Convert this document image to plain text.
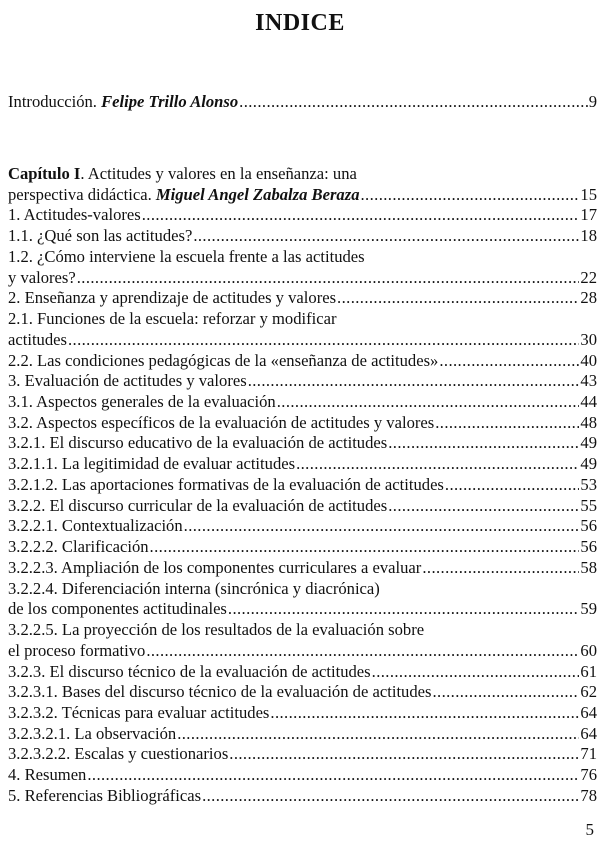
INDICE
Introducción. Felipe Trillo Alonso .....	9
Capítulo I . Actitudes y valores en la enseñanza: una
perspectiva didáctica. Miguel Angel Zabalza Beraza .....	15
1. Actitudes-valores .....	17
1.1. ¿Qué son las actitudes? .....	18
1.2. ¿Cómo interviene la escuela frente a las actitudes
y valores? .....	22
2. Enseñanza y aprendizaje de actitudes y valores .....	28
2.1. Funciones de la escuela: reforzar y modificar
actitudes .....	30
2.2. Las condiciones pedagógicas de la «enseñanza de actitudes» .....	40
3. Evaluación de actitudes y valores .....	43
3.1. Aspectos generales de la evaluación .....	44
3.2. Aspectos específicos de la evaluación de actitudes y valores .....	48
3.2.1. El discurso educativo de la evaluación de actitudes .....	49
3.2.1.1. La legitimidad de evaluar actitudes .....	49
3.2.1.2. Las aportaciones formativas de la evaluación de actitudes .....	53
3.2.2. El discurso curricular de la evaluación de actitudes .....	55
3.2.2.1. Contextualización .....	56
3.2.2.2. Clarificación .....	56
3.2.2.3. Ampliación de los componentes curriculares a evaluar .....	58
3.2.2.4. Diferenciación interna (sincrónica y diacrónica)
de los componentes actitudinales .....	59
3.2.2.5. La proyección de los resultados de la evaluación sobre
el proceso formativo .....	60
3.2.3. El discurso técnico de la evaluación de actitudes .....	61
3.2.3.1. Bases del discurso técnico de la evaluación de actitudes .....	62
3.2.3.2. Técnicas para evaluar actitudes .....	64
3.2.3.2.1. La observación .....	64
3.2.3.2.2. Escalas y cuestionarios .....	71
4. Resumen .....	76
5. Referencias Bibliográficas .....	78
5
